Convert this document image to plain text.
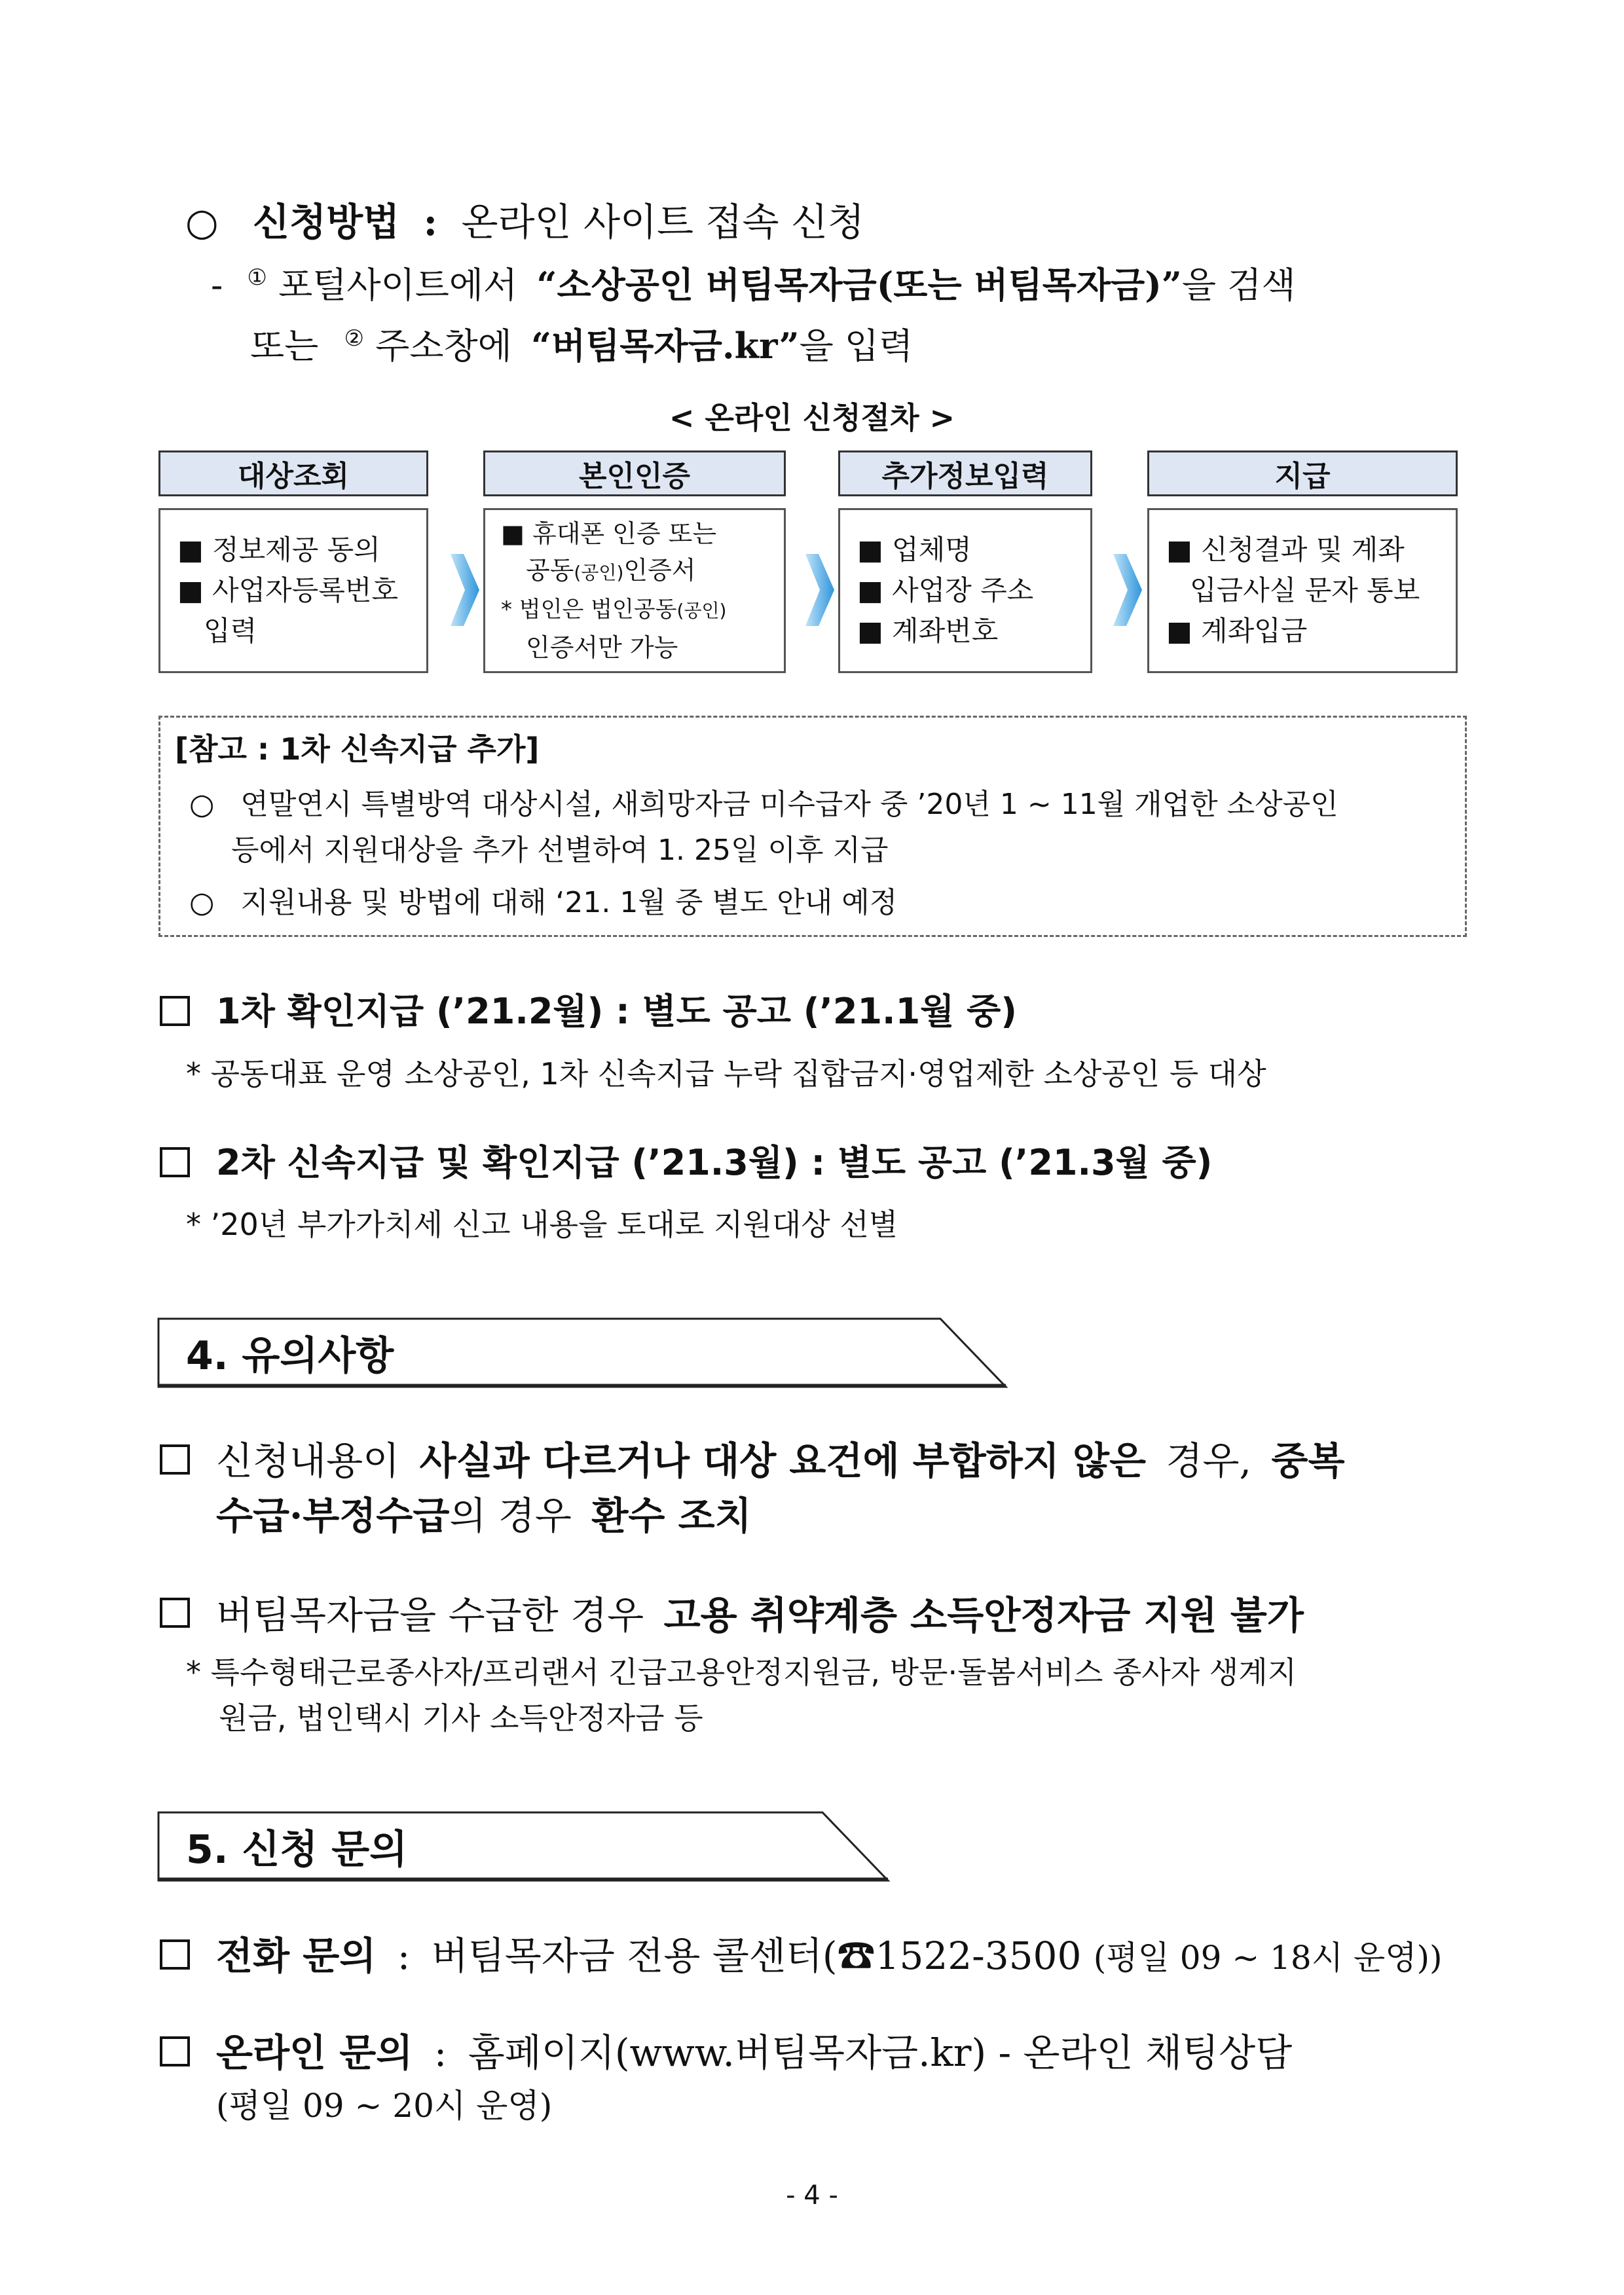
○ 신청방법 : 온라인 사이트 접속 신청
- ① 포털사이트에서 “소상공인 버팀목자금(또는 버팀목자금)”을 검색
또는 ② 주소창에 “버팀목자금.kr”을 입력
< 온라인 신청절차 >
대상조회
■ 정보제공 동의
■ 사업자등록번호
입력
본인인증
■ 휴대폰 인증 또는
공동(공인)인증서
* 법인은 법인공동(공인)
인증서만 가능
추가정보입력
■ 업체명
■ 사업장 주소
■ 계좌번호
지급
■ 신청결과 및 계좌
입금사실 문자 통보
■ 계좌입금
[참고 : 1차 신속지급 추가]
○ 연말연시 특별방역 대상시설, 새희망자금 미수급자 중 ’20년 1 ~ 11월 개업한 소상공인
등에서 지원대상을 추가 선별하여 1. 25일 이후 지급
○ 지원내용 및 방법에 대해 ‘21. 1월 중 별도 안내 예정
1차 확인지급 (’21.2월) : 별도 공고 (’21.1월 중)
* 공동대표 운영 소상공인, 1차 신속지급 누락 집합금지·영업제한 소상공인 등 대상
2차 신속지급 및 확인지급 (’21.3월) : 별도 공고 (’21.3월 중)
* ’20년 부가가치세 신고 내용을 토대로 지원대상 선별
4. 유의사항
신청내용이 사실과 다르거나 대상 요건에 부합하지 않은 경우, 중복
수급·부정수급의 경우 환수 조치
버팀목자금을 수급한 경우 고용 취약계층 소득안정자금 지원 불가
* 특수형태근로종사자/프리랜서 긴급고용안정지원금, 방문·돌봄서비스 종사자 생계지
원금, 법인택시 기사 소득안정자금 등
5. 신청 문의
전화 문의 : 버팀목자금 전용 콜센터(☎1522-3500 (평일 09 ~ 18시 운영))
온라인 문의 : 홈페이지(www.버팀목자금.kr) - 온라인 채팅상담
(평일 09 ~ 20시 운영)
- 4 -
